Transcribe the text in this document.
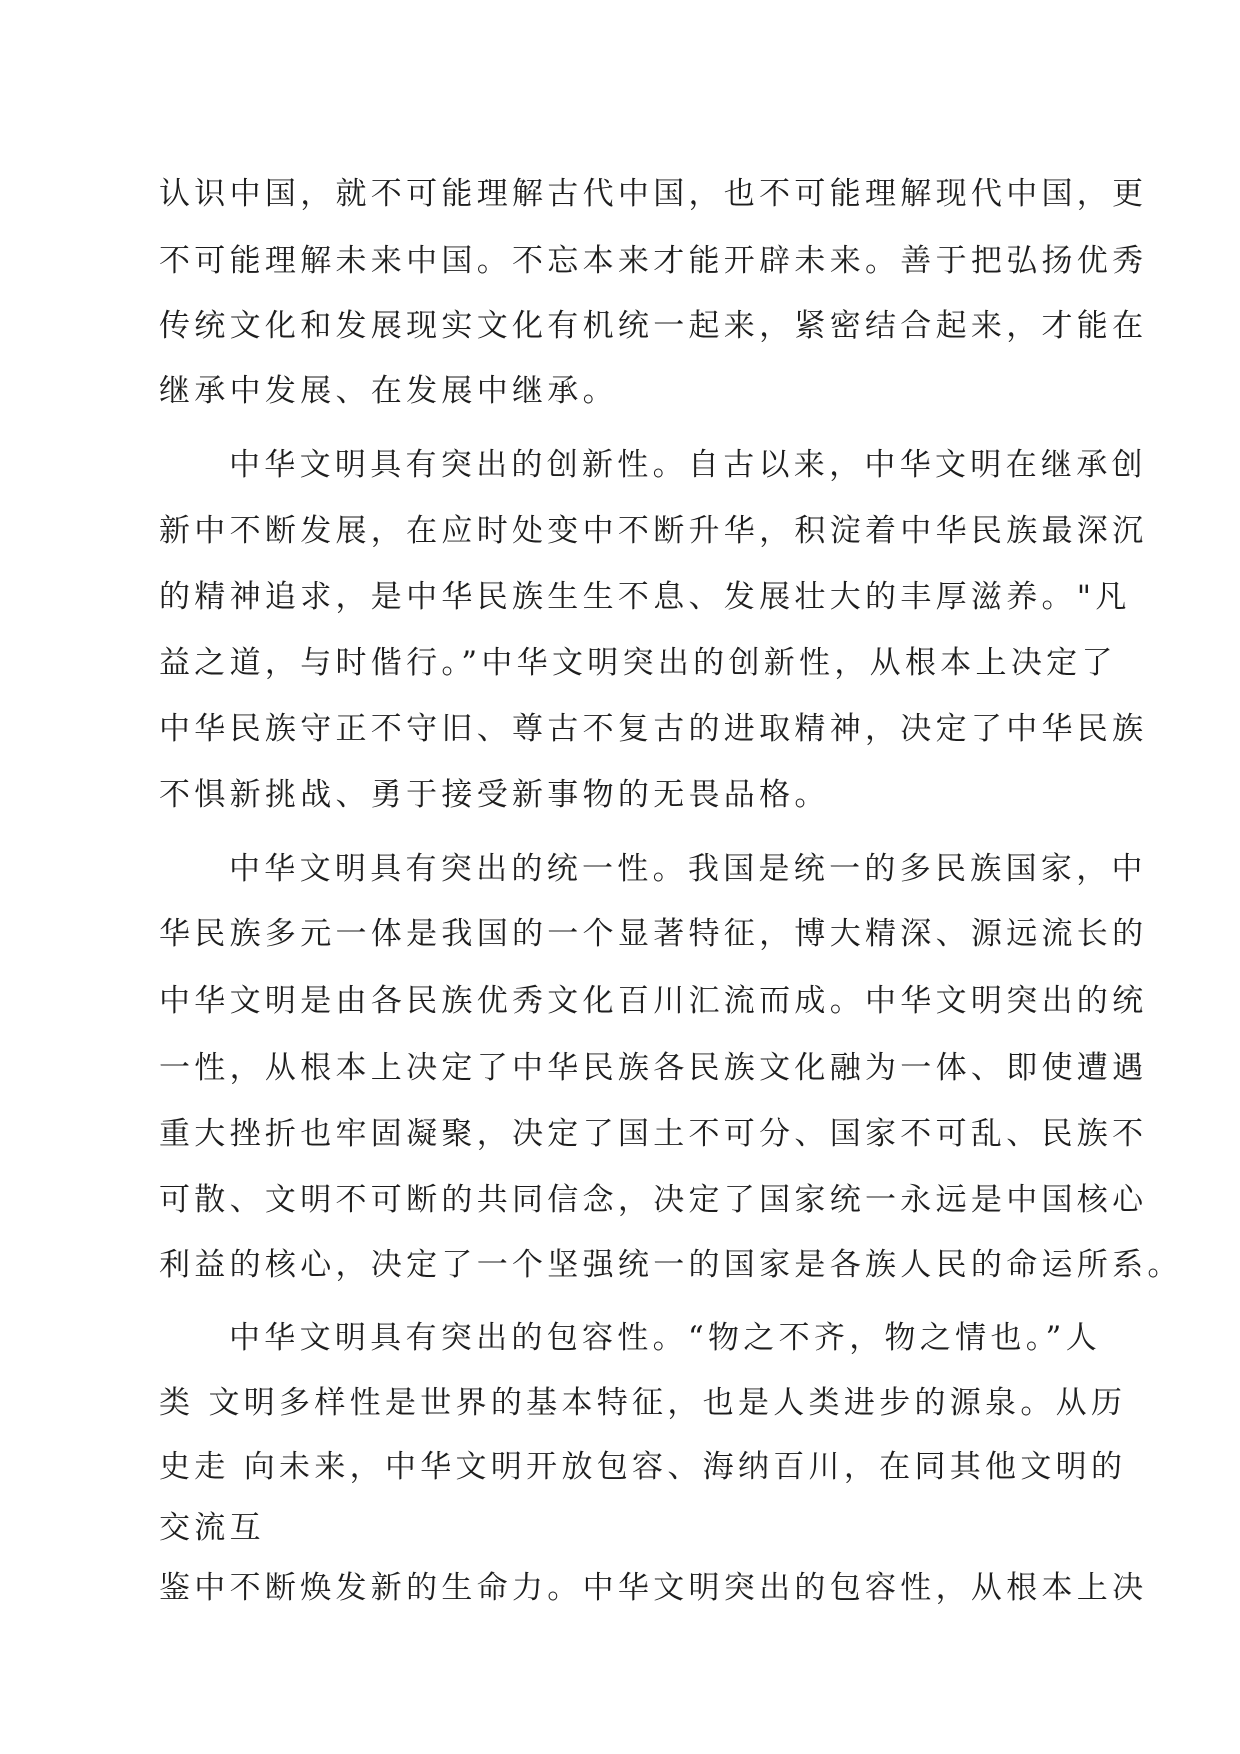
认识中国，就不可能理解古代中国，也不可能理解现代中国，更
不可能理解未来中国。不忘本来才能开辟未来。善于把弘扬优秀
传统文化和发展现实文化有机统一起来，紧密结合起来，才能在
继承中发展、在发展中继承。
中华文明具有突出的创新性。自古以来，中华文明在继承创
新中不断发展，在应时处变中不断升华，积淀着中华民族最深沉
的精神追求，是中华民族生生不息、发展壮大的丰厚滋养。"凡
益之道，与时偕行。”中华文明突出的创新性，从根本上决定了
中华民族守正不守旧、尊古不复古的进取精神，决定了中华民族
不惧新挑战、勇于接受新事物的无畏品格。
中华文明具有突出的统一性。我国是统一的多民族国家，中
华民族多元一体是我国的一个显著特征，博大精深、源远流长的
中华文明是由各民族优秀文化百川汇流而成。中华文明突出的统
一性，从根本上决定了中华民族各民族文化融为一体、即使遭遇
重大挫折也牢固凝聚，决定了国土不可分、国家不可乱、民族不
可散、文明不可断的共同信念，决定了国家统一永远是中国核心
利益的核心，决定了一个坚强统一的国家是各族人民的命运所系。
中华文明具有突出的包容性。“物之不齐，物之情也。”人
类 文明多样性是世界的基本特征，也是人类进步的源泉。从历
史走 向未来，中华文明开放包容、海纳百川，在同其他文明的
交流互
鉴中不断焕发新的生命力。中华文明突出的包容性，从根本上决
